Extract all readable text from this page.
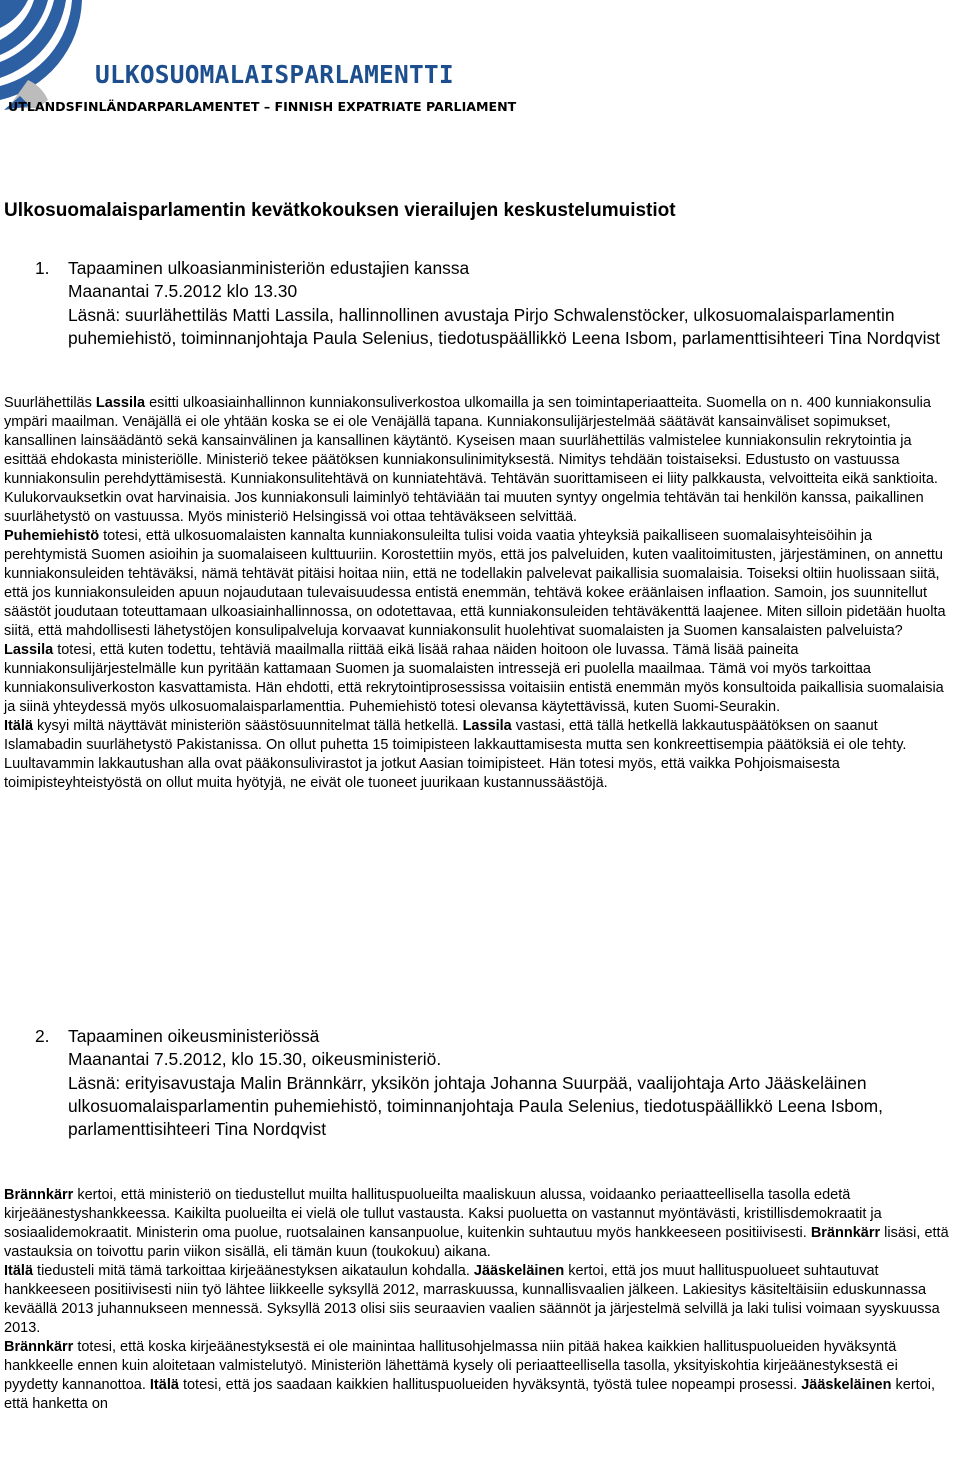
ULKOSUOMALAISPARLAMENTTI

UTLANDSFINLÄNDARPARLAMENTET – FINNISH EXPATRIATE PARLIAMENT

Ulkosuomalaisparlamentin kevätkokouksen vierailujen keskustelumuistiot
1.	Tapaaminen ulkoasianministeriön edustajien kanssa
Maanantai 7.5.2012 klo 13.30
Läsnä: suurlähettiläs Matti Lassila, hallinnollinen avustaja Pirjo Schwalenstöcker, ulkosuomalaisparlamentin puhemiehistö, toiminnanjohtaja Paula Selenius, tiedotuspäällikkö Leena Isbom, parlamenttisihteeri Tina Nordqvist
Suurlähettiläs Lassila esitti ulkoasiainhallinnon kunniakonsuliverkostoa ulkomailla ja sen toimintaperiaatteita. Suomella on n. 400 kunniakonsulia ympäri maailman. Venäjällä ei ole yhtään koska se ei ole Venäjällä tapana. Kunniakonsulijärjestelmää säätävät kansainväliset sopimukset, kansallinen lainsäädäntö sekä kansainvälinen ja kansallinen käytäntö. Kyseisen maan suurlähettiläs valmistelee kunniakonsulin rekrytointia ja esittää ehdokasta ministeriölle. Ministeriö tekee päätöksen kunniakonsulinimityksestä. Nimitys tehdään toistaiseksi. Edustusto on vastuussa kunniakonsulin perehdyttämisestä. Kunniakonsulitehtävä on kunniatehtävä. Tehtävän suorittamiseen ei liity palkkausta, velvoitteita eikä sanktioita. Kulukorvauksetkin ovat harvinaisia. Jos kunniakonsuli laiminlyö tehtäviään tai muuten syntyy ongelmia tehtävän tai henkilön kanssa, paikallinen suurlähetystö on vastuussa. Myös ministeriö Helsingissä voi ottaa tehtäväkseen selvittää.
Puhemiehistö totesi, että ulkosuomalaisten kannalta kunniakonsuleilta tulisi voida vaatia yhteyksiä paikalliseen suomalaisyhteisöihin ja perehtymistä Suomen asioihin ja suomalaiseen kulttuuriin. Korostettiin myös, että jos palveluiden, kuten vaalitoimitusten, järjestäminen, on annettu kunniakonsuleiden tehtäväksi, nämä tehtävät pitäisi hoitaa niin, että ne todellakin palvelevat paikallisia suomalaisia. Toiseksi oltiin huolissaan siitä, että jos kunniakonsuleiden apuun nojaudutaan tulevaisuudessa entistä enemmän, tehtävä kokee eräänlaisen inflaation. Samoin, jos suunnitellut säästöt joudutaan toteuttamaan ulkoasiainhallinnossa, on odotettavaa, että kunniakonsuleiden tehtäväkenttä laajenee. Miten silloin pidetään huolta siitä, että mahdollisesti lähetystöjen konsulipalveluja korvaavat kunniakonsulit huolehtivat suomalaisten ja Suomen kansalaisten palveluista?
Lassila totesi, että kuten todettu, tehtäviä maailmalla riittää eikä lisää rahaa näiden hoitoon ole luvassa. Tämä lisää paineita kunniakonsulijärjestelmälle kun pyritään kattamaan Suomen ja suomalaisten intressejä eri puolella maailmaa. Tämä voi myös tarkoittaa kunniakonsuliverkoston kasvattamista. Hän ehdotti, että rekrytointiprosessissa voitaisiin entistä enemmän myös konsultoida paikallisia suomalaisia ja siinä yhteydessä myös ulkosuomalaisparlamenttia. Puhemiehistö totesi olevansa käytettävissä, kuten Suomi-Seurakin.
Itälä kysyi miltä näyttävät ministeriön säästösuunnitelmat tällä hetkellä. Lassila vastasi, että tällä hetkellä lakkautuspäätöksen on saanut Islamabadin suurlähetystö Pakistanissa. On ollut puhetta 15 toimipisteen lakkauttamisesta mutta sen konkreettisempia päätöksiä ei ole tehty. Luultavammin lakkautushan alla ovat pääkonsulivirastot ja jotkut Aasian toimipisteet. Hän totesi myös, että vaikka Pohjoismaisesta toimipisteyhteistyöstä on ollut muita hyötyjä, ne eivät ole tuoneet juurikaan kustannussäästöjä.
2.	Tapaaminen oikeusministeriössä
Maanantai 7.5.2012, klo 15.30, oikeusministeriö.
Läsnä: erityisavustaja Malin Brännkärr, yksikön johtaja Johanna Suurpää, vaalijohtaja Arto Jääskeläinen ulkosuomalaisparlamentin puhemiehistö, toiminnanjohtaja Paula Selenius, tiedotuspäällikkö Leena Isbom, parlamenttisihteeri Tina Nordqvist
Brännkärr kertoi, että ministeriö on tiedustellut muilta hallituspuolueilta maaliskuun alussa, voidaanko periaatteellisella tasolla edetä kirjeäänestyshankkeessa. Kaikilta puolueilta ei vielä ole tullut vastausta. Kaksi puoluetta on vastannut myöntävästi, kristillisdemokraatit ja sosiaalidemokraatit. Ministerin oma puolue, ruotsalainen kansanpuolue, kuitenkin suhtautuu myös hankkeeseen positiivisesti. Brännkärr lisäsi, että vastauksia on toivottu parin viikon sisällä, eli tämän kuun (toukokuu) aikana.
Itälä tiedusteli mitä tämä tarkoittaa kirjeäänestyksen aikataulun kohdalla. Jääskeläinen kertoi, että jos muut hallituspuolueet suhtautuvat hankkeeseen positiivisesti niin työ lähtee liikkeelle syksyllä 2012, marraskuussa, kunnallisvaalien jälkeen. Lakiesitys käsiteltäisiin eduskunnassa keväällä 2013 juhannukseen mennessä. Syksyllä 2013 olisi siis seuraavien vaalien säännöt ja järjestelmä selvillä ja laki tulisi voimaan syyskuussa 2013.
Brännkärr totesi, että koska kirjeäänestyksestä ei ole mainintaa hallitusohjelmassa niin pitää hakea kaikkien hallituspuolueiden hyväksyntä hankkeelle ennen kuin aloitetaan valmistelutyö. Ministeriön lähettämä kysely oli periaatteellisella tasolla, yksityiskohtia kirjeäänestyksestä ei pyydetty kannanottoa. Itälä totesi, että jos saadaan kaikkien hallituspuolueiden hyväksyntä, työstä tulee nopeampi prosessi. Jääskeläinen kertoi, että hanketta on
